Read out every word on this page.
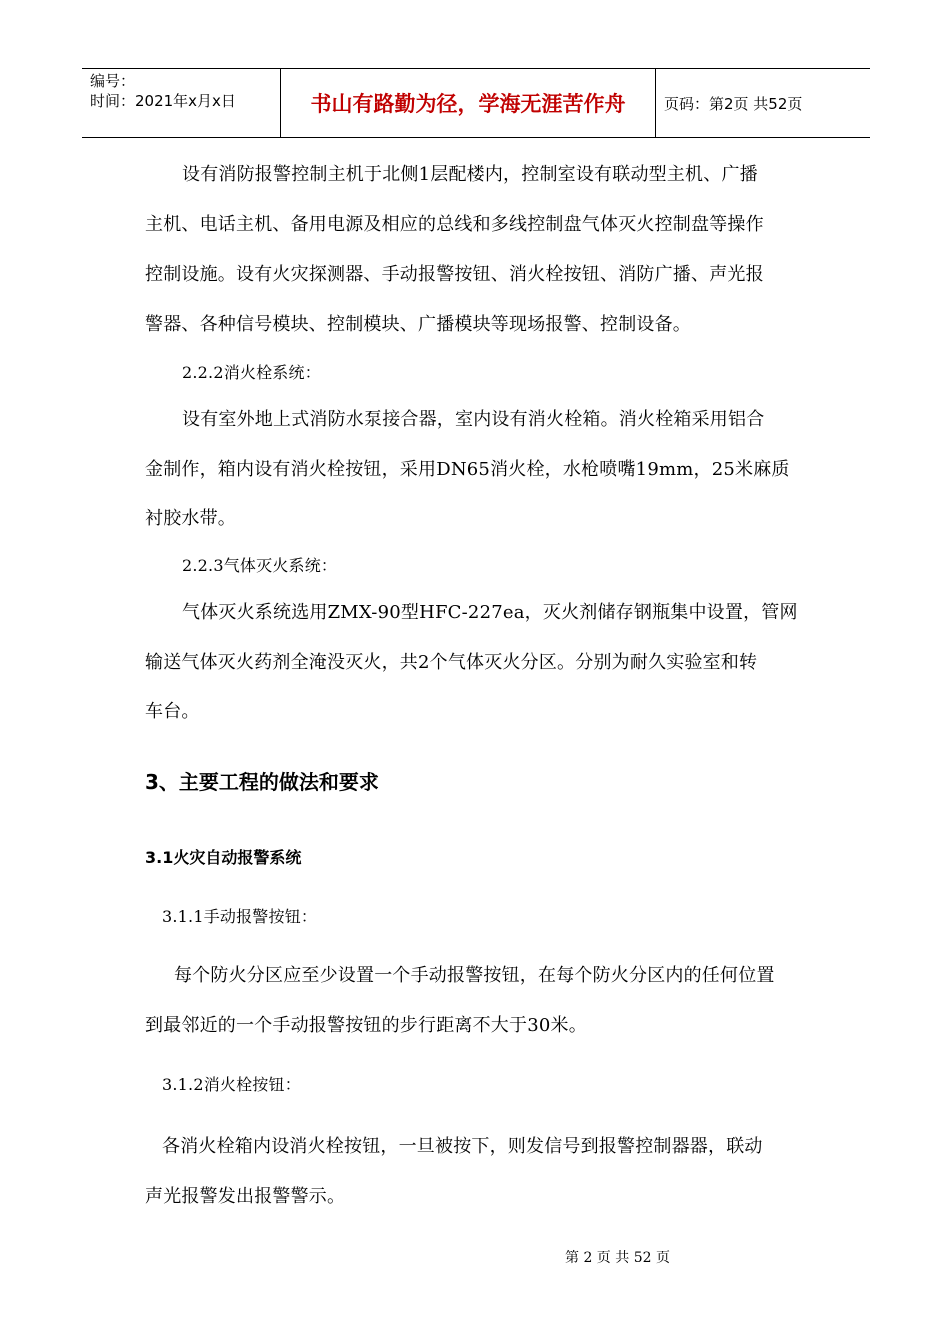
编号：
时间：2021年x月x日	书山有路勤为径，学海无涯苦作舟	页码：第2页 共52页
设有消防报警控制主机于北侧1层配楼内，控制室设有联动型主机、广播
主机、电话主机、备用电源及相应的总线和多线控制盘气体灭火控制盘等操作
控制设施。设有火灾探测器、手动报警按钮、消火栓按钮、消防广播、声光报
警器、各种信号模块、控制模块、广播模块等现场报警、控制设备。
2.2.2消火栓系统：
设有室外地上式消防水泵接合器，室内设有消火栓箱。消火栓箱采用铝合
金制作，箱内设有消火栓按钮，采用DN65消火栓，水枪喷嘴19mm，25米麻质
衬胶水带。
2.2.3气体灭火系统：
气体灭火系统选用ZMX-90型HFC-227ea，灭火剂储存钢瓶集中设置，管网
输送气体灭火药剂全淹没灭火，共2个气体灭火分区。分别为耐久实验室和转
车台。
3、主要工程的做法和要求
3.1火灾自动报警系统
3.1.1手动报警按钮：
每个防火分区应至少设置一个手动报警按钮，在每个防火分区内的任何位置
到最邻近的一个手动报警按钮的步行距离不大于30米。
3.1.2消火栓按钮：
各消火栓箱内设消火栓按钮，一旦被按下，则发信号到报警控制器器，联动
声光报警发出报警警示。
第 2 页 共 52 页
